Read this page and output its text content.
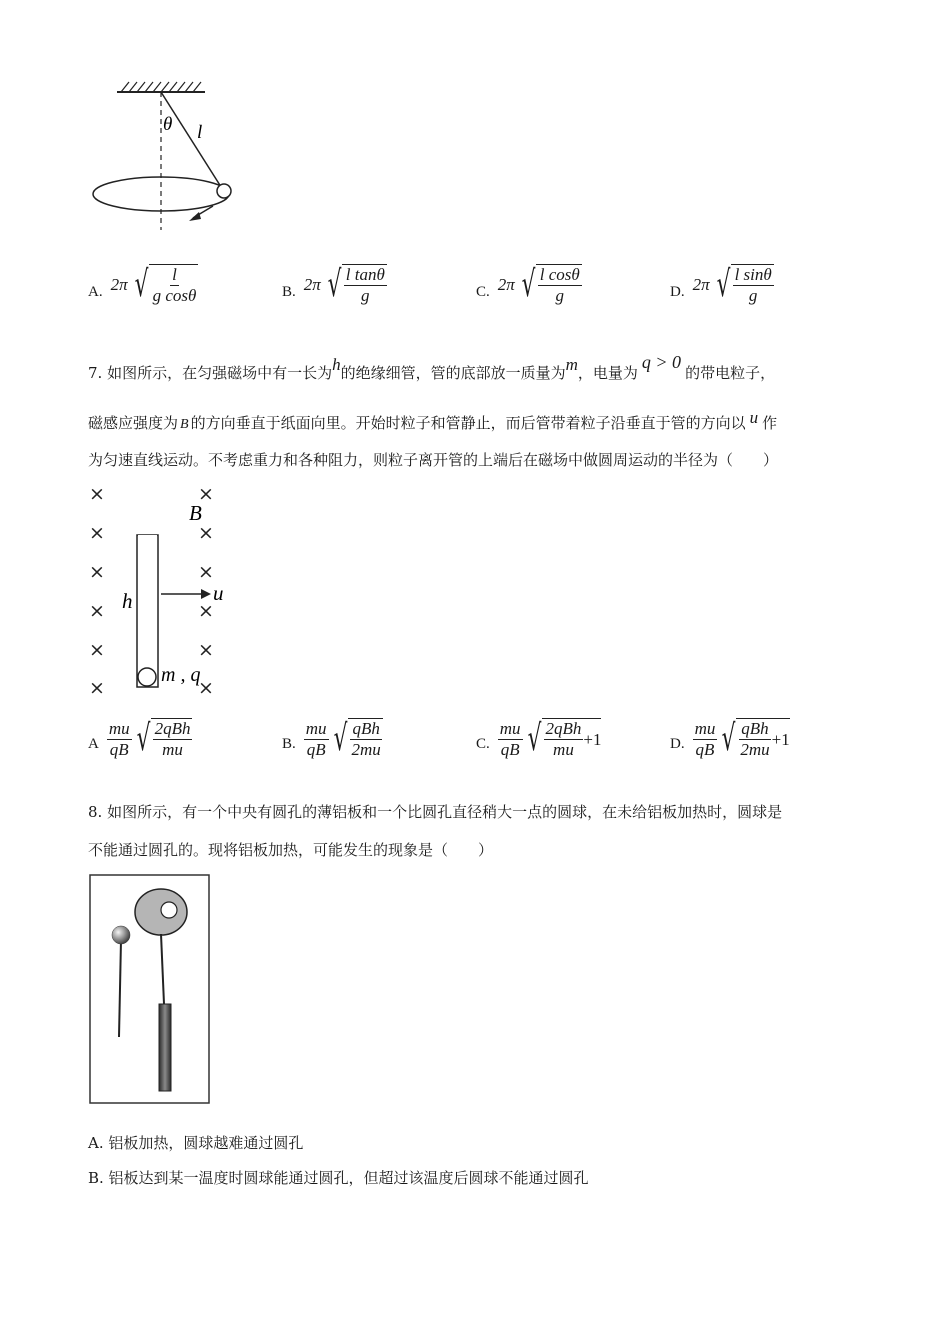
θ l
A. 2π √ $\frac{l}{\text{g cosθ}}$	B. 2π √ $\frac{\text{l tanθ}}{g}$	C. 2π √ $\frac{\text{l cosθ}}{g}$	D. 2π √ $\frac{\text{l sinθ}}{g}$
7. 如图所示，在匀强磁场中有一长为h的绝缘细管，管的底部放一质量为m，电量为q > 0的带电粒子，
磁感应强度为 B 的方向垂直于纸面向里。开始时粒子和管静止，而后管带着粒子沿垂直于管的方向以 u 作
为匀速直线运动。不考虑重力和各种阻力，则粒子离开管的上端后在磁场中做圆周运动的半径为（　　）
×
×
×
×
×
×
×
×
×
×
×
×
B
h	u
m , q
A $\frac{mu}{qB}$ √ $\frac{\text{2qBh}}{mu}$	B. $\frac{mu}{qB}$ √ $\frac{\text{qBh}}{2mu}$	C. $\frac{mu}{qB}$ √ $\frac{\text{2qBh}}{mu} +1$	D. $\frac{mu}{qB}$ √ $\frac{\text{qBh}}{2mu} +1$
8. 如图所示，有一个中央有圆孔的薄铝板和一个比圆孔直径稍大一点的圆球，在未给铝板加热时，圆球是
不能通过圆孔的。现将铝板加热，可能发生的现象是（　　）
A. 铝板加热，圆球越难通过圆孔
B. 铝板达到某一温度时圆球能通过圆孔，但超过该温度后圆球不能通过圆孔
